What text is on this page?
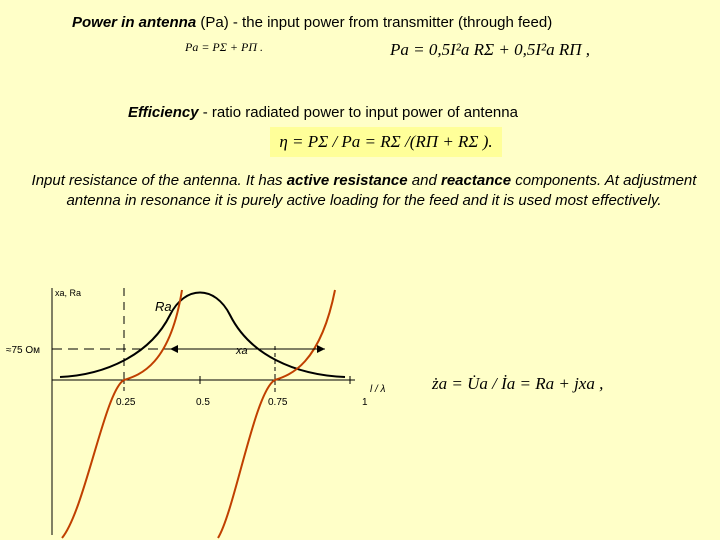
Power in antenna (Pa) - the input power from transmitter (through feed)
Pa = PΣ + PП .	Pa = 0,5I²a RΣ + 0,5I²a RП ,
Efficiency - ratio radiated power to input power of antenna
η = PΣ / Pa = RΣ /(RП + RΣ ).
Input resistance of the antenna. It has active resistance and reactance components. At adjustment antenna in resonance it is purely active loading for the feed and it is used most effectively.
xa, Ra
Ra
xa
≈75 Ом
0.25	0.5	0.75	1
l / λ	ża = U̇a / İa = Ra + jxa ,
